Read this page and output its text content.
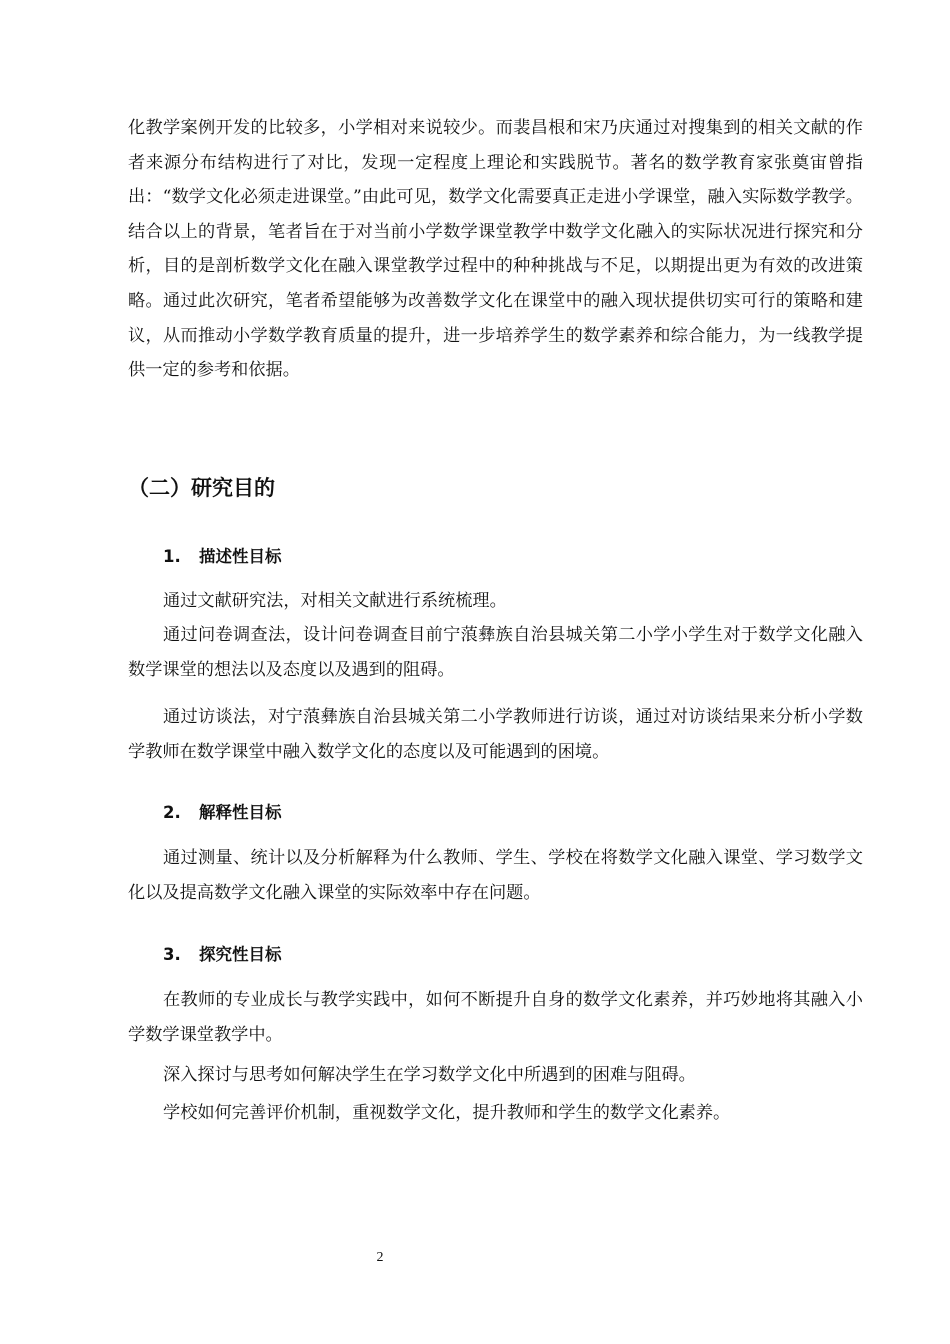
化教学案例开发的比较多，小学相对来说较少。而裴昌根和宋乃庆通过对搜集到的相关文献的作者来源分布结构进行了对比，发现一定程度上理论和实践脱节。著名的数学教育家张奠宙曾指出：“数学文化必须走进课堂。”由此可见，数学文化需要真正走进小学课堂，融入实际数学教学。结合以上的背景，笔者旨在于对当前小学数学课堂教学中数学文化融入的实际状况进行探究和分析，目的是剖析数学文化在融入课堂教学过程中的种种挑战与不足，以期提出更为有效的改进策略。通过此次研究，笔者希望能够为改善数学文化在课堂中的融入现状提供切实可行的策略和建议，从而推动小学数学教育质量的提升，进一步培养学生的数学素养和综合能力，为一线教学提供一定的参考和依据。

（二）研究目的
1. 描述性目标

通过文献研究法，对相关文献进行系统梳理。

通过问卷调查法，设计问卷调查目前宁蒗彝族自治县城关第二小学小学生对于数学文化融入数学课堂的想法以及态度以及遇到的阻碍。

通过访谈法，对宁蒗彝族自治县城关第二小学教师进行访谈，通过对访谈结果来分析小学数学教师在数学课堂中融入数学文化的态度以及可能遇到的困境。

2. 解释性目标

通过测量、统计以及分析解释为什么教师、学生、学校在将数学文化融入课堂、学习数学文化以及提高数学文化融入课堂的实际效率中存在问题。

3. 探究性目标

在教师的专业成长与教学实践中，如何不断提升自身的数学文化素养，并巧妙地将其融入小学数学课堂教学中。

深入探讨与思考如何解决学生在学习数学文化中所遇到的困难与阻碍。

学校如何完善评价机制，重视数学文化，提升教师和学生的数学文化素养。

2
